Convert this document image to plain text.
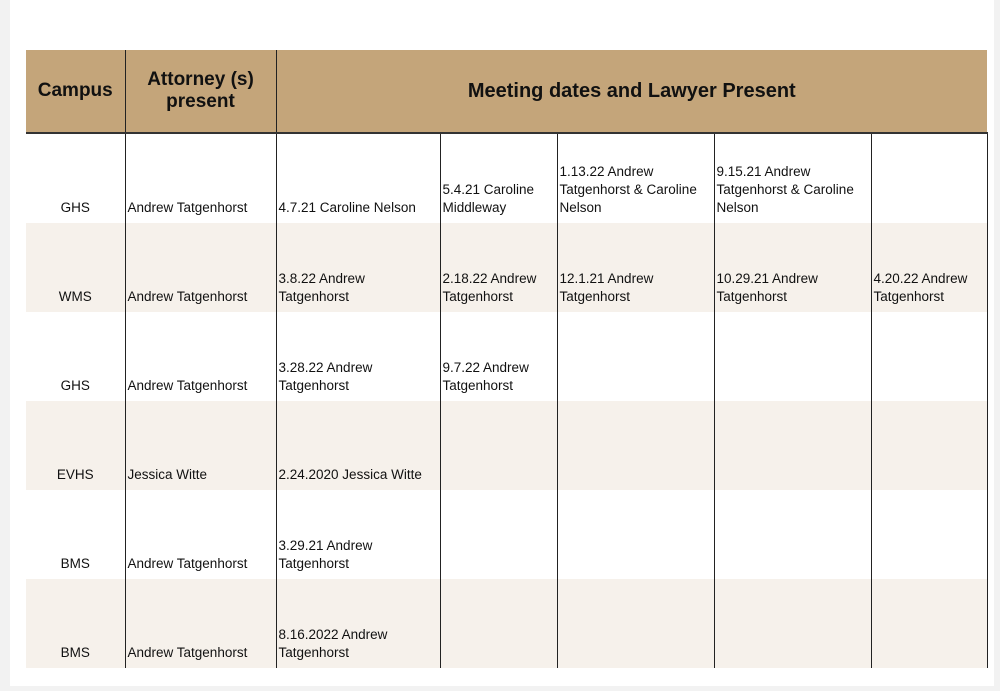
Campus	Attorney (s) present	Meeting dates and Lawyer Present				
GHS	Andrew Tatgenhorst	4.7.21 Caroline Nelson	5.4.21 Caroline Middleway	1.13.22 Andrew Tatgenhorst & Caroline Nelson	9.15.21 Andrew Tatgenhorst & Caroline Nelson	
WMS	Andrew Tatgenhorst	3.8.22 Andrew Tatgenhorst	2.18.22 Andrew Tatgenhorst	12.1.21 Andrew Tatgenhorst	10.29.21 Andrew Tatgenhorst	4.20.22 Andrew Tatgenhorst
GHS	Andrew Tatgenhorst	3.28.22 Andrew Tatgenhorst	9.7.22 Andrew Tatgenhorst			
EVHS	Jessica Witte	2.24.2020 Jessica Witte				
BMS	Andrew Tatgenhorst	3.29.21 Andrew Tatgenhorst				
BMS	Andrew Tatgenhorst	8.16.2022 Andrew Tatgenhorst				
